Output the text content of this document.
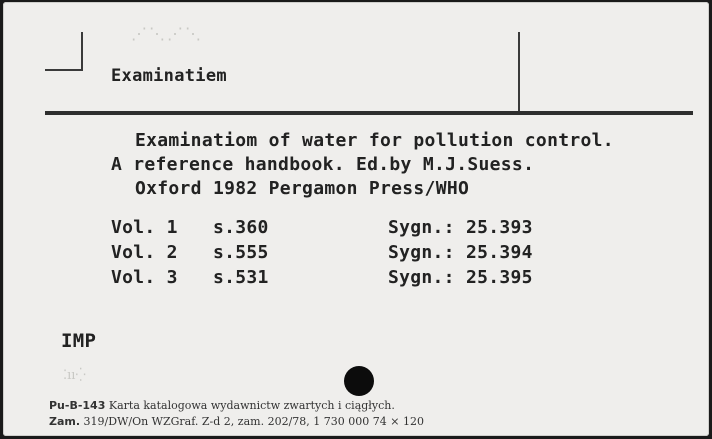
⋰⋱⋰⋱
Examinatiem
Examinatiom of water for pollution control.
A reference handbook. Ed.by M.J.Suess.
Oxford 1982 Pergamon Press/WHO
Vol. 1 s.360	Sygn.: 25.393
Vol. 2 s.555	Sygn.: 25.394
Vol. 3 s.531	Sygn.: 25.395
IMP
⁚ıı⁛
Pu-B-143 Karta katalogowa wydawnictw zwartych i ciągłych.
Zam. 319/DW/On WZGraf. Z-d 2, zam. 202/78, 1 730 000 74 × 120
